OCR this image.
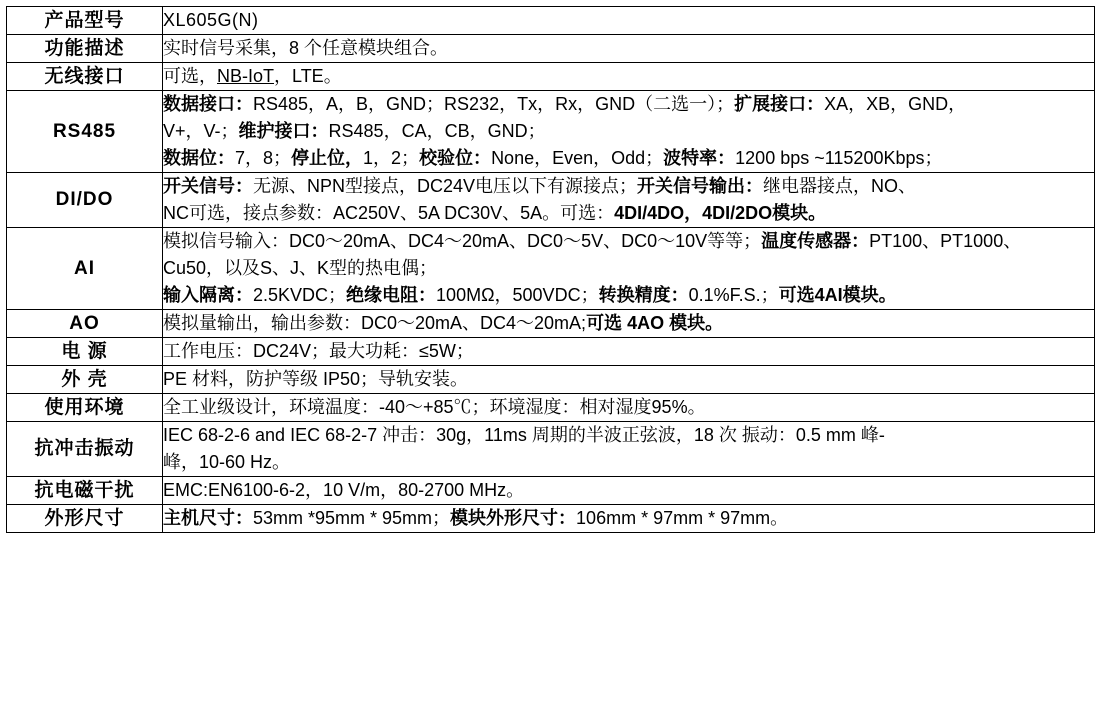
产品型号	XL605G(N)

功能描述	实时信号采集，8 个任意模块组合。

无线接口	可选，NB-IoT，LTE。

RS485	数据接口：RS485，A，B，GND；RS232，Tx，Rx，GND（二选一）；扩展接口：XA，XB，GND，
V+，V-；维护接口：RS485，CA，CB，GND；
数据位：7，8；停止位，1，2；校验位：None，Even，Odd；波特率：1200 bps ~115200Kbps；

DI/DO	开关信号：无源、NPN型接点，DC24V电压以下有源接点；开关信号输出：继电器接点，NO、
NC可选，接点参数：AC250V、5A DC30V、5A。可选：4DI/4DO，4DI/2DO模块。

AI	模拟信号输入：DC0～20mA、DC4～20mA、DC0～5V、DC0～10V等等；温度传感器：PT100、PT1000、
Cu50，以及S、J、K型的热电偶；
输入隔离：2.5KVDC；绝缘电阻：100MΩ，500VDC；转换精度：0.1%F.S.；可选4AI模块。

AO	模拟量输出，输出参数：DC0～20mA、DC4～20mA;可选 4AO 模块。

电 源	工作电压：DC24V；最大功耗：≤5W；

外 壳	PE 材料，防护等级 IP50；导轨安装。

使用环境	全工业级设计，环境温度：-40～+85℃；环境湿度：相对湿度95%。

抗冲击振动	IEC 68-2-6 and IEC 68-2-7 冲击：30g，11ms 周期的半波正弦波，18 次 振动：0.5 mm 峰-
峰，10-60 Hz。

抗电磁干扰	EMC:EN6100-6-2，10 V/m，80-2700 MHz。

外形尺寸	主机尺寸：53mm *95mm * 95mm；模块外形尺寸：106mm * 97mm * 97mm。
